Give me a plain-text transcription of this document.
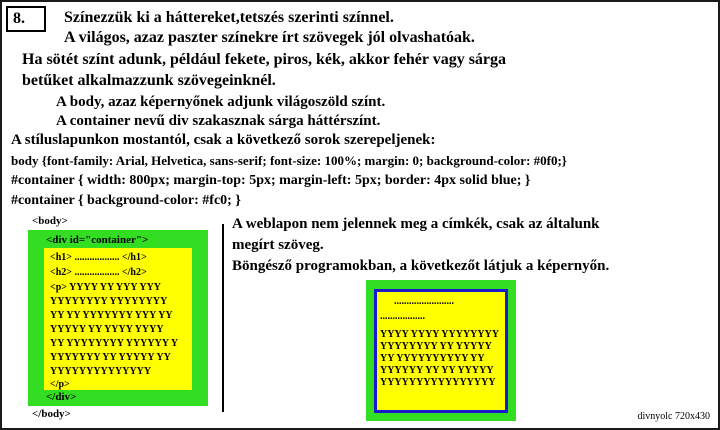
8.	Színezzük ki a háttereket,tetszés szerinti színnel.
A világos, azaz paszter színekre írt szövegek jól olvashatóak.
Ha sötét színt adunk, például fekete, piros, kék, akkor fehér vagy sárga
betűket alkalmazzunk szövegeinknél.
A body, azaz képernyőnek adjunk világoszöld színt.
A container nevű div szakasznak sárga háttérszínt.
A stíluslapunkon mostantól, csak a következő sorok szerepeljenek:
body {font-family: Arial, Helvetica, sans-serif; font-size: 100%; margin: 0; background-color: #0f0;}
#container { width: 800px; margin-top: 5px; margin-left: 5px; border: 4px solid blue; }
#container { background-color: #fc0; }
<body>
<div id="container">
<h1> .................. </h1>
<h2> .................. </h2>
<p> YYYY YY YYY YYY
YYYYYYYY YYYYYYYY
YY YY YYYYYYY YYY YY
YYYYY YY YYYY YYYY
YY YYYYYYYY YYYYYY Y
YYYYYYY YY YYYYY YY
YYYYYYYYYYYYYY
</p>
</div>
</body>
A weblapon nem jelennek meg a címkék, csak az általunk
megírt szöveg.
Böngésző programokban, a következőt látjuk a képernyőn.
........................
..................
YYYY YYYY YYYYYYYY
YYYYYYYY YY YYYYY
YY YYYYYYYYYY YY
YYYYYY YY YY YYYYY
YYYYYYYYYYYYYYYY
divnyolc 720x430
